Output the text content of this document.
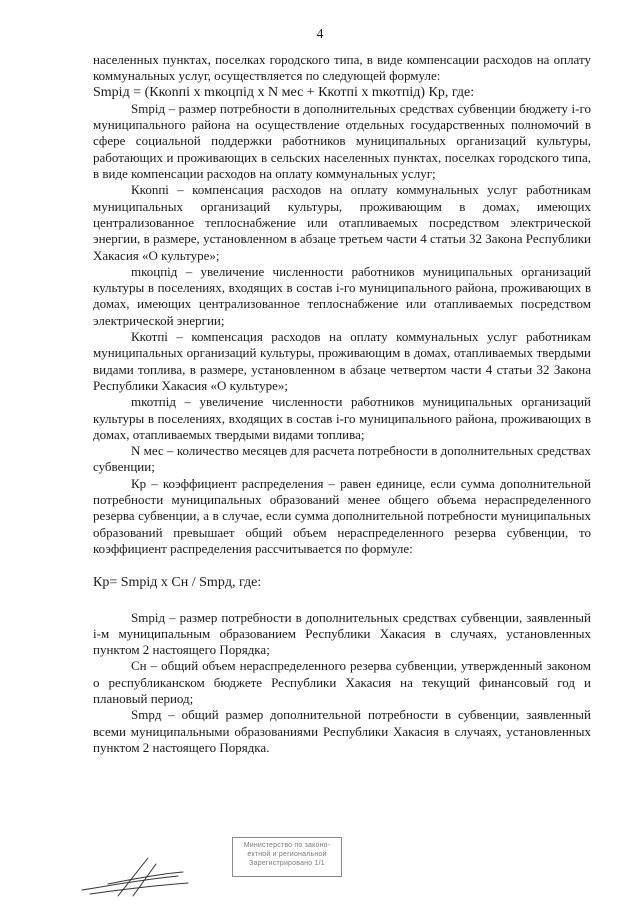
4

населенных пунктах, поселках городского типа, в виде компенсации расходов на оплату коммунальных услуг, осуществляется по следующей формуле:

Smpiд = (Ккоnпi х mкоцпiд х N мес + Ккотпi х mкотпiд) Кр, где:

Smpiд – размер потребности в дополнительных средствах субвенции бюджету i-го муниципального района на осуществление отдельных государственных полномочий в сфере социальной поддержки работников муниципальных организаций культуры, работающих и проживающих в сельских населенных пунктах, поселках городского типа, в виде компенсации расходов на оплату коммунальных услуг;

Ккоnпi – компенсация расходов на оплату коммунальных услуг работникам муниципальных организаций культуры, проживающим в домах, имеющих централизованное теплоснабжение или отапливаемых посредством электрической энергии, в размере, установленном в абзаце третьем части 4 статьи 32 Закона Республики Хакасия «О культуре»;

mкоцпiд – увеличение численности работников муниципальных организаций культуры в поселениях, входящих в состав i-го муниципального района, проживающих в домах, имеющих централизованное теплоснабжение или отапливаемых посредством электрической энергии;

Ккотпi – компенсация расходов на оплату коммунальных услуг работникам муниципальных организаций культуры, проживающим в домах, отапливаемых твердыми видами топлива, в размере, установленном в абзаце четвертом части 4 статьи 32 Закона Республики Хакасия «О культуре»;

mкотпiд – увеличение численности работников муниципальных организаций культуры в поселениях, входящих в состав i-го муниципального района, проживающих в домах, отапливаемых твердыми видами топлива;

N мес – количество месяцев для расчета потребности в дополнительных средствах субвенции;

Кр – коэффициент распределения – равен единице, если сумма дополнительной потребности муниципальных образований менее общего объема нераспределенного резерва субвенции, а в случае, если сумма дополнительной потребности муниципальных образований превышает общий объем нераспределенного резерва субвенции, то коэффициент распределения рассчитывается по формуле:

Кр= Smpiд х Сн / Smpд, где:

Smpiд – размер потребности в дополнительных средствах субвенции, заявленный i-м муниципальным образованием Республики Хакасия в случаях, установленных пунктом 2 настоящего Порядка;

Сн – общий объем нераспределенного резерва субвенции, утвержденный законом о республиканском бюджете Республики Хакасия на текущий финансовый год и плановый период;

Smpд – общий размер дополнительной потребности в субвенции, заявленный всеми муниципальными образованиями Республики Хакасия в случаях, установленных пунктом 2 настоящего Порядка.

Министерство по законо-
ектной и региональной
Зарегистрировано 1/1
